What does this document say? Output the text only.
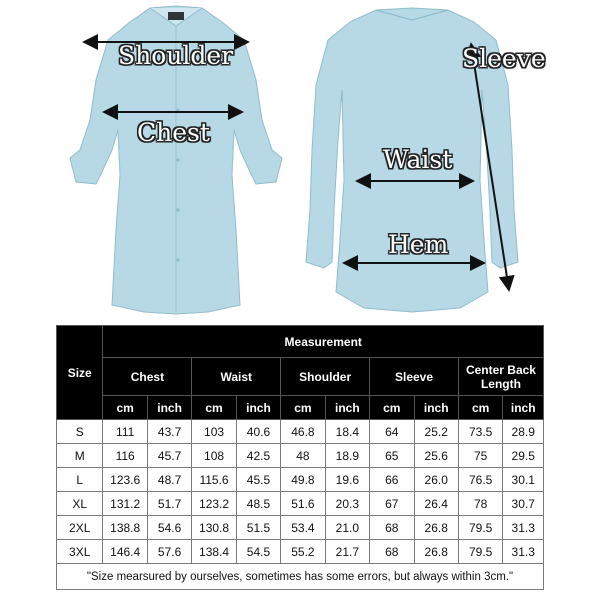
Shoulder
Chest
Sleeve
Waist
Hem
Size	Measurement									
	Chest		Waist		Shoulder		Sleeve		Center Back Length	
	cm	inch	cm	inch	cm	inch	cm	inch	cm	inch
S	111	43.7	103	40.6	46.8	18.4	64	25.2	73.5	28.9
M	116	45.7	108	42.5	48	18.9	65	25.6	75	29.5
L	123.6	48.7	115.6	45.5	49.8	19.6	66	26.0	76.5	30.1
XL	131.2	51.7	123.2	48.5	51.6	20.3	67	26.4	78	30.7
2XL	138.8	54.6	130.8	51.5	53.4	21.0	68	26.8	79.5	31.3
3XL	146.4	57.6	138.4	54.5	55.2	21.7	68	26.8	79.5	31.3
"Size mearsured by ourselves, sometimes has some errors, but always within 3cm."										
